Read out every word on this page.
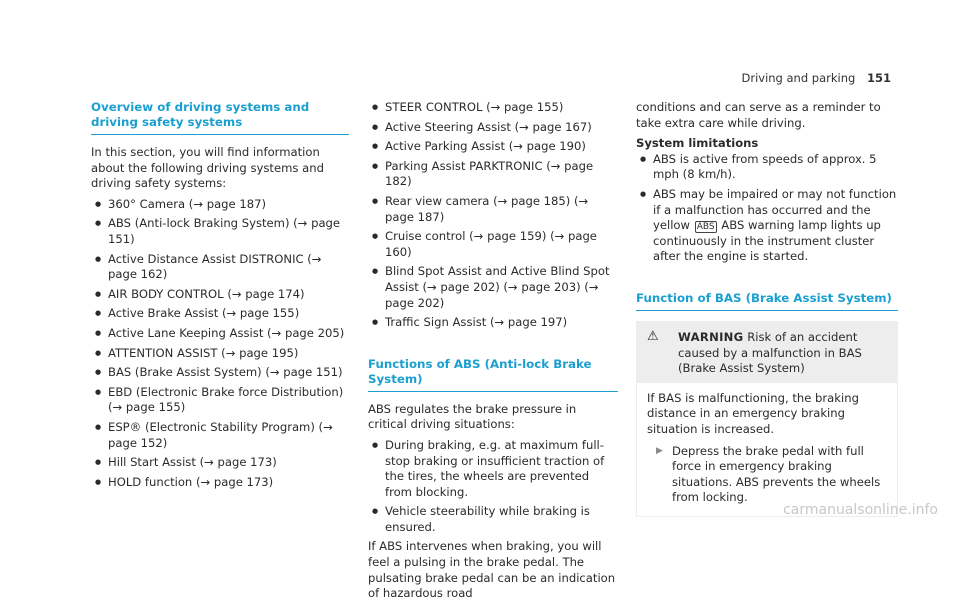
Driving and parking 151
Overview of driving systems and driving safety systems

In this section, you will find information about the following driving systems and driving safety systems:

● 360° Camera (→ page 187)
● ABS (Anti-lock Braking System) (→ page 151)
● Active Distance Assist DISTRONIC (→ page 162)
● AIR BODY CONTROL (→ page 174)
● Active Brake Assist (→ page 155)
● Active Lane Keeping Assist (→ page 205)
● ATTENTION ASSIST (→ page 195)
● BAS (Brake Assist System) (→ page 151)
● EBD (Electronic Brake force Distribution) (→ page 155)
● ESP® (Electronic Stability Program) (→ page 152)
● Hill Start Assist (→ page 173)
● HOLD function (→ page 173)
● STEER CONTROL (→ page 155)
● Active Steering Assist (→ page 167)
● Active Parking Assist (→ page 190)
● Parking Assist PARKTRONIC (→ page 182)
● Rear view camera (→ page 185) (→ page 187)
● Cruise control (→ page 159) (→ page 160)
● Blind Spot Assist and Active Blind Spot Assist (→ page 202) (→ page 203) (→ page 202)
● Traffic Sign Assist (→ page 197)
Functions of ABS (Anti-lock Brake System)

ABS regulates the brake pressure in critical driving situations:

● During braking, e.g. at maximum full-stop braking or insufficient traction of the tires, the wheels are prevented from blocking.
● Vehicle steerability while braking is ensured.

If ABS intervenes when braking, you will feel a pulsing in the brake pedal. The pulsating brake pedal can be an indication of hazardous road

conditions and can serve as a reminder to take extra care while driving.

System limitations
● ABS is active from speeds of approx. 5 mph (8 km/h).
● ABS may be impaired or may not function if a malfunction has occurred and the yellow ABS ABS warning lamp lights up continuously in the instrument cluster after the engine is started.
Function of BAS (Brake Assist System)
⚠	WARNING Risk of an accident caused by a malfunction in BAS (Brake Assist System)

If BAS is malfunctioning, the braking distance in an emergency braking situation is increased.

▶ Depress the brake pedal with full force in emergency braking situations. ABS prevents the wheels from locking.
carmanualsonline.info
